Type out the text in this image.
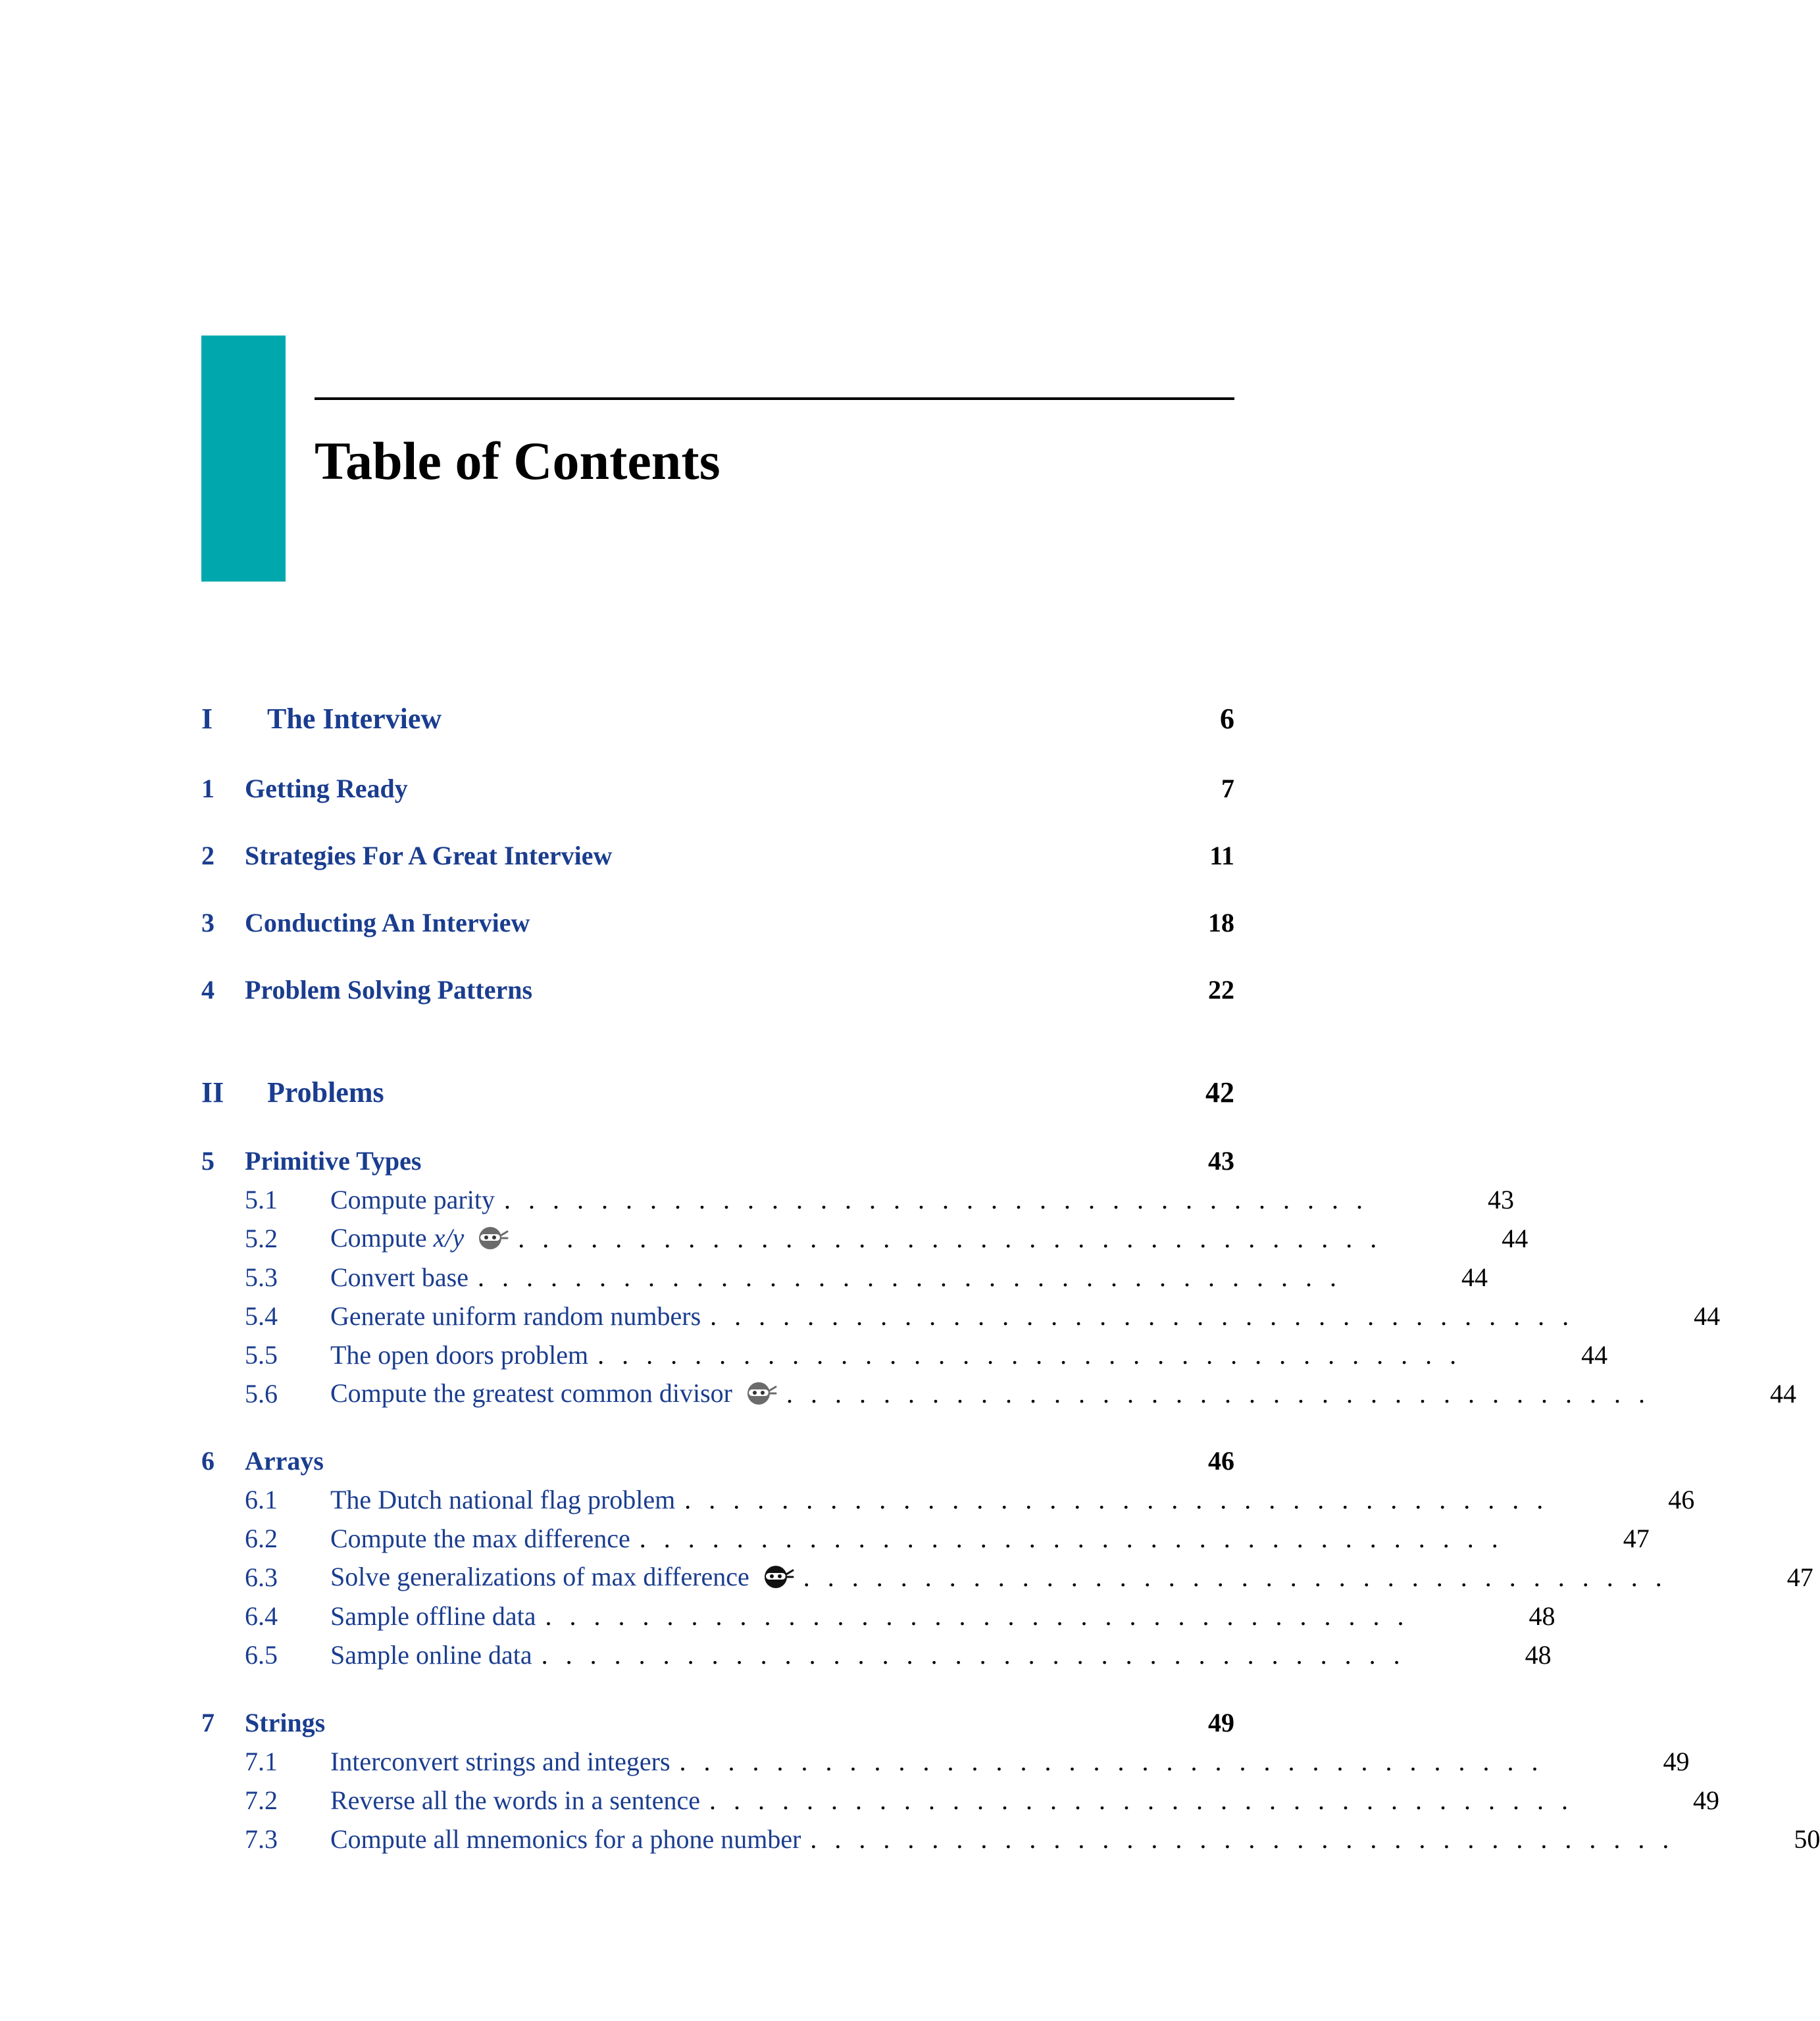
Table of Contents
I	The Interview	6
1	Getting Ready	7
2	Strategies For A Great Interview	11
3	Conducting An Interview	18
4	Problem Solving Patterns	22
II	Problems	42
5	Primitive Types	43
5.1	Compute parity . . . . . . . . . . . . . . . . . . . . . . . . . . . . . . . . . . . .	43
5.2	Compute x/y	. . . . . . . . . . . . . . . . . . . . . . . . . . . . . . . . . . . .	44
5.3	Convert base . . . . . . . . . . . . . . . . . . . . . . . . . . . . . . . . . . . .	44
5.4	Generate uniform random numbers . . . . . . . . . . . . . . . . . . . . . . . . . . . . . . . . . . . .	44
5.5	The open doors problem . . . . . . . . . . . . . . . . . . . . . . . . . . . . . . . . . . . .	44
5.6	Compute the greatest common divisor	. . . . . . . . . . . . . . . . . . . . . . . . . . . . . . . . . . . .	44
6	Arrays	46
6.1	The Dutch national flag problem . . . . . . . . . . . . . . . . . . . . . . . . . . . . . . . . . . . .	46
6.2	Compute the max difference . . . . . . . . . . . . . . . . . . . . . . . . . . . . . . . . . . . .	47
6.3	Solve generalizations of max difference	. . . . . . . . . . . . . . . . . . . . . . . . . . . . . . . . . . . .	47
6.4	Sample offline data . . . . . . . . . . . . . . . . . . . . . . . . . . . . . . . . . . . .	48
6.5	Sample online data . . . . . . . . . . . . . . . . . . . . . . . . . . . . . . . . . . . .	48
7	Strings	49
7.1	Interconvert strings and integers . . . . . . . . . . . . . . . . . . . . . . . . . . . . . . . . . . . .	49
7.2	Reverse all the words in a sentence . . . . . . . . . . . . . . . . . . . . . . . . . . . . . . . . . . . .	49
7.3	Compute all mnemonics for a phone number . . . . . . . . . . . . . . . . . . . . . . . . . . . . . . . . . . . .	50
